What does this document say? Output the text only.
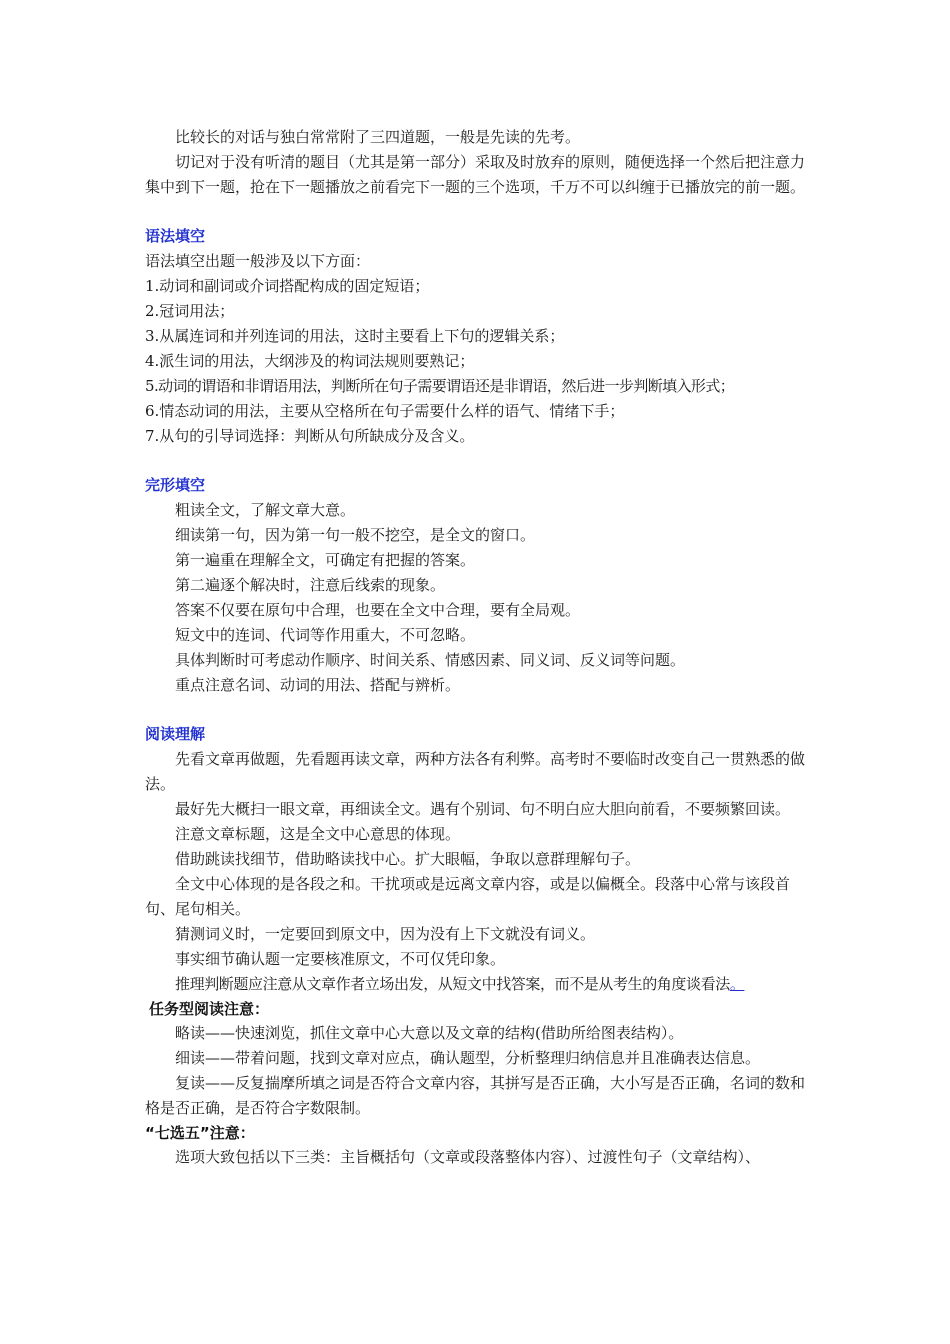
比较长的对话与独白常常附了三四道题，一般是先读的先考。

切记对于没有听清的题目（尤其是第一部分）采取及时放弃的原则，随便选择一个然后把注意力集中到下一题，抢在下一题播放之前看完下一题的三个选项，千万不可以纠缠于已播放完的前一题。

语法填空

语法填空出题一般涉及以下方面：

1.动词和副词或介词搭配构成的固定短语；

2.冠词用法；

3.从属连词和并列连词的用法，这时主要看上下句的逻辑关系；

4.派生词的用法，大纲涉及的构词法规则要熟记；

5.动词的谓语和非谓语用法，判断所在句子需要谓语还是非谓语，然后进一步判断填入形式；

6.情态动词的用法，主要从空格所在句子需要什么样的语气、情绪下手；

7.从句的引导词选择：判断从句所缺成分及含义。

完形填空

粗读全文，了解文章大意。

细读第一句，因为第一句一般不挖空，是全文的窗口。

第一遍重在理解全文，可确定有把握的答案。

第二遍逐个解决时，注意后线索的现象。

答案不仅要在原句中合理，也要在全文中合理，要有全局观。

短文中的连词、代词等作用重大，不可忽略。

具体判断时可考虑动作顺序、时间关系、情感因素、同义词、反义词等问题。

重点注意名词、动词的用法、搭配与辨析。

阅读理解

先看文章再做题，先看题再读文章，两种方法各有利弊。高考时不要临时改变自己一贯熟悉的做法。

最好先大概扫一眼文章，再细读全文。遇有个别词、句不明白应大胆向前看，不要频繁回读。

注意文章标题，这是全文中心意思的体现。

借助跳读找细节，借助略读找中心。扩大眼幅，争取以意群理解句子。

全文中心体现的是各段之和。干扰项或是远离文章内容，或是以偏概全。段落中心常与该段首句、尾句相关。

猜测词义时，一定要回到原文中，因为没有上下文就没有词义。

事实细节确认题一定要核准原文，不可仅凭印象。

推理判断题应注意从文章作者立场出发，从短文中找答案，而不是从考生的角度谈看法。

任务型阅读注意：

略读——快速浏览，抓住文章中心大意以及文章的结构(借助所给图表结构）。

细读——带着问题，找到文章对应点，确认题型，分析整理归纳信息并且准确表达信息。

复读——反复揣摩所填之词是否符合文章内容，其拼写是否正确，大小写是否正确，名词的数和格是否正确，是否符合字数限制。

“七选五”注意：

选项大致包括以下三类：主旨概括句（文章或段落整体内容）、过渡性句子（文章结构）、
